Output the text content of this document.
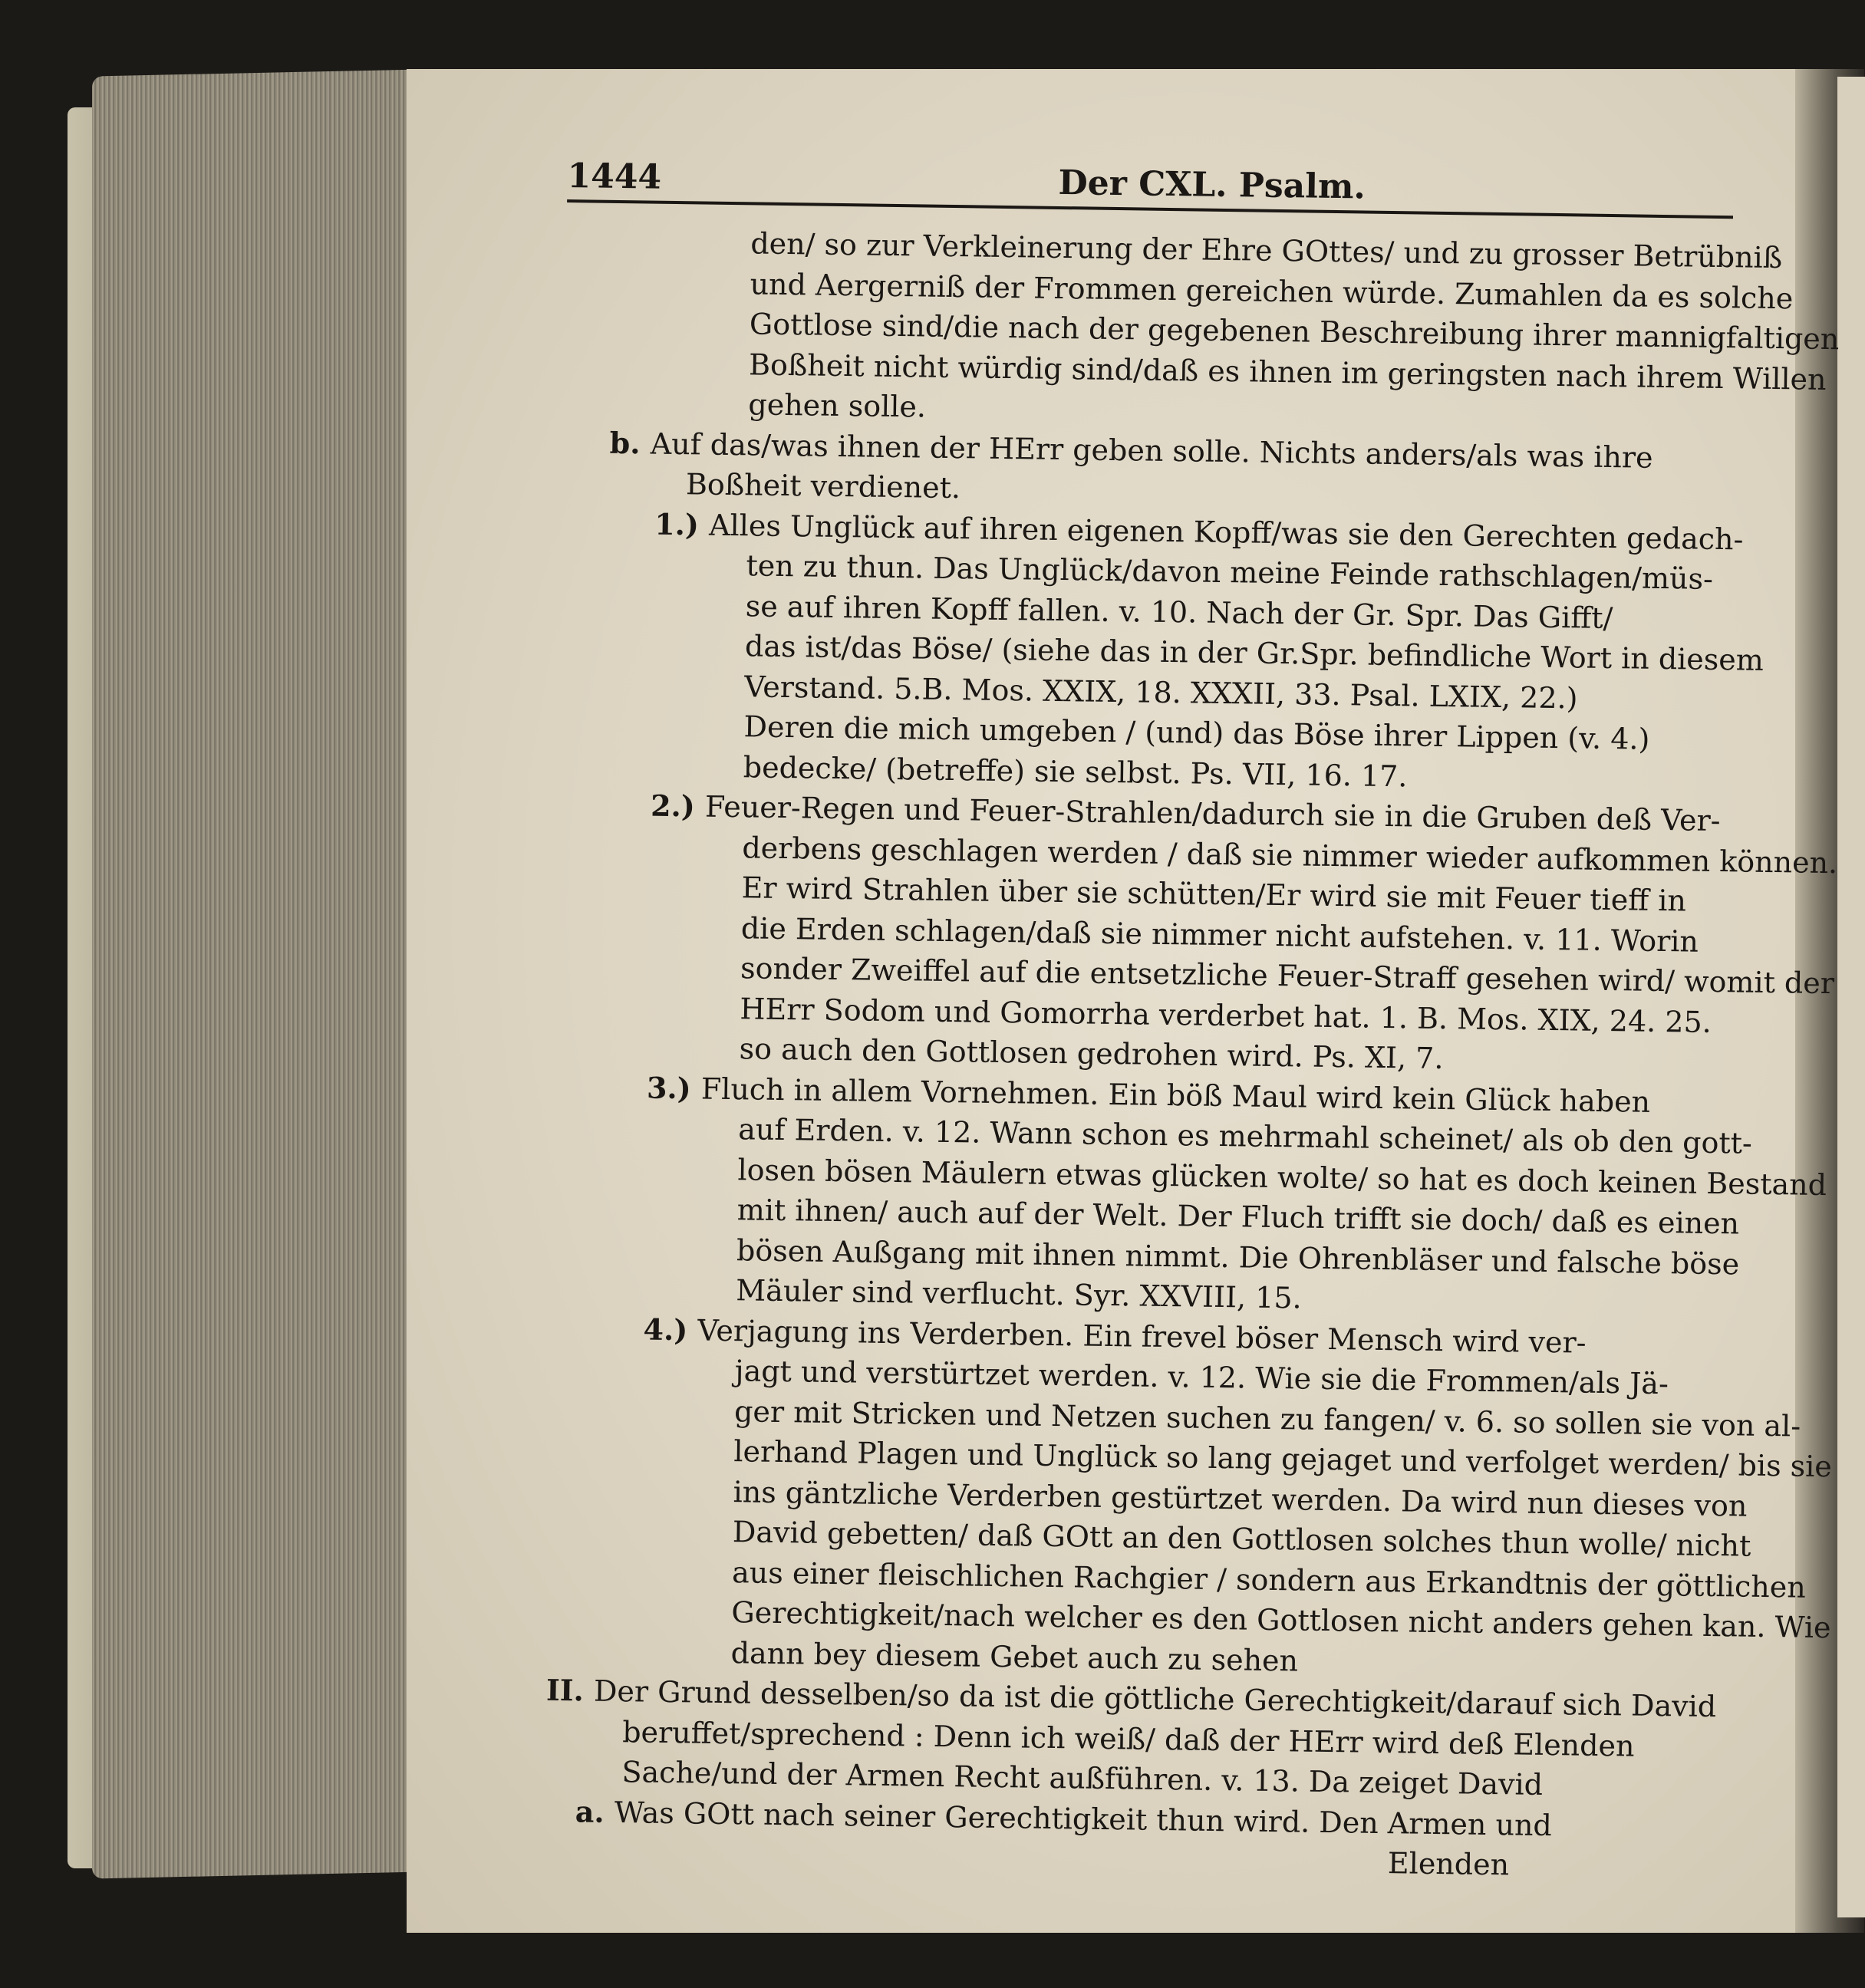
1444	Der CXL. Psalm.
den/ so zur Verkleinerung der Ehre GOttes/ und zu grosser Betrübniß
und Aergerniß der Frommen gereichen würde. Zumahlen da es solche
Gottlose sind/die nach der gegebenen Beschreibung ihrer mannigfaltigen
Boßheit nicht würdig sind/daß es ihnen im geringsten nach ihrem Willen
gehen solle.
b. Auf das/was ihnen der HErr geben solle. Nichts anders/als was ihre
Boßheit verdienet.
1.) Alles Unglück auf ihren eigenen Kopff/was sie den Gerechten gedach-
ten zu thun. Das Unglück/davon meine Feinde rathschlagen/müs-
se auf ihren Kopff fallen. v. 10. Nach der Gr. Spr. Das Gifft/
das ist/das Böse/ (siehe das in der Gr.Spr. befindliche Wort in diesem
Verstand. 5.B. Mos. XXIX, 18. XXXII, 33. Psal. LXIX, 22.)
Deren die mich umgeben / (und) das Böse ihrer Lippen (v. 4.)
bedecke/ (betreffe) sie selbst. Ps. VII, 16. 17.
2.) Feuer-Regen und Feuer-Strahlen/dadurch sie in die Gruben deß Ver-
derbens geschlagen werden / daß sie nimmer wieder aufkommen können.
Er wird Strahlen über sie schütten/Er wird sie mit Feuer tieff in
die Erden schlagen/daß sie nimmer nicht aufstehen. v. 11. Worin
sonder Zweiffel auf die entsetzliche Feuer-Straff gesehen wird/ womit der
HErr Sodom und Gomorrha verderbet hat. 1. B. Mos. XIX, 24. 25.
so auch den Gottlosen gedrohen wird. Ps. XI, 7.
3.) Fluch in allem Vornehmen. Ein böß Maul wird kein Glück haben
auf Erden. v. 12. Wann schon es mehrmahl scheinet/ als ob den gott-
losen bösen Mäulern etwas glücken wolte/ so hat es doch keinen Bestand
mit ihnen/ auch auf der Welt. Der Fluch trifft sie doch/ daß es einen
bösen Außgang mit ihnen nimmt. Die Ohrenbläser und falsche böse
Mäuler sind verflucht. Syr. XXVIII, 15.
4.) Verjagung ins Verderben. Ein frevel böser Mensch wird ver-
jagt und verstürtzet werden. v. 12. Wie sie die Frommen/als Jä-
ger mit Stricken und Netzen suchen zu fangen/ v. 6. so sollen sie von al-
lerhand Plagen und Unglück so lang gejaget und verfolget werden/ bis sie
ins gäntzliche Verderben gestürtzet werden. Da wird nun dieses von
David gebetten/ daß GOtt an den Gottlosen solches thun wolle/ nicht
aus einer fleischlichen Rachgier / sondern aus Erkandtnis der göttlichen
Gerechtigkeit/nach welcher es den Gottlosen nicht anders gehen kan. Wie
dann bey diesem Gebet auch zu sehen
II. Der Grund desselben/so da ist die göttliche Gerechtigkeit/darauf sich David
beruffet/sprechend : Denn ich weiß/ daß der HErr wird deß Elenden
Sache/und der Armen Recht außführen. v. 13. Da zeiget David
a. Was GOtt nach seiner Gerechtigkeit thun wird. Den Armen und
Elenden
